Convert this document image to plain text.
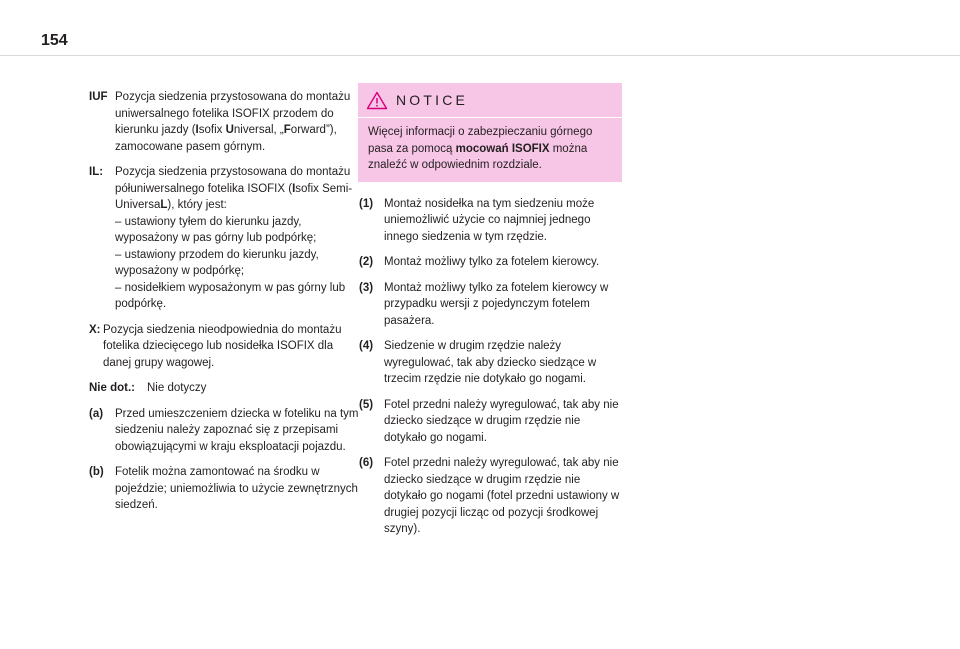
154
IUF Pozycja siedzenia przystosowana do montażu uniwersalnego fotelika ISOFIX przodem do kierunku jazdy (Isofix Universal, „Forward”), zamocowane pasem górnym.
IL:	Pozycja siedzenia przystosowana do montażu półuniwersalnego fotelika ISOFIX (Isofix Semi-UniversaL), który jest:
– ustawiony tyłem do kierunku jazdy, wyposażony w pas górny lub podpórkę;
– ustawiony przodem do kierunku jazdy, wyposażony w podpórkę;
– nosidełkiem wyposażonym w pas górny lub podpórkę.
X: Pozycja siedzenia nieodpowiednia do montażu fotelika dziecięcego lub nosidełka ISOFIX dla danej grupy wagowej.
Nie dot.:	Nie dotyczy
(a)	Przed umieszczeniem dziecka w foteliku na tym siedzeniu należy zapoznać się z przepisami obowiązującymi w kraju eksploatacji pojazdu.
(b) Fotelik można zamontować na środku w pojeździe; uniemożliwia to użycie zewnętrznych siedzeń.
NOTICE
Więcej informacji o zabezpieczaniu górnego pasa za pomocą mocowań ISOFIX można znaleźć w odpowiednim rozdziale.
(1) Montaż nosidełka na tym siedzeniu może uniemożliwić użycie co najmniej jednego innego siedzenia w tym rzędzie.
(2) Montaż możliwy tylko za fotelem kierowcy.
(3) Montaż możliwy tylko za fotelem kierowcy w przypadku wersji z pojedynczym fotelem pasażera.
(4) Siedzenie w drugim rzędzie należy wyregulować, tak aby dziecko siedzące w trzecim rzędzie nie dotykało go nogami.
(5) Fotel przedni należy wyregulować, tak aby nie dziecko siedzące w drugim rzędzie nie dotykało go nogami.
(6) Fotel przedni należy wyregulować, tak aby nie dziecko siedzące w drugim rzędzie nie dotykało go nogami (fotel przedni ustawiony w drugiej pozycji licząc od pozycji środkowej szyny).
